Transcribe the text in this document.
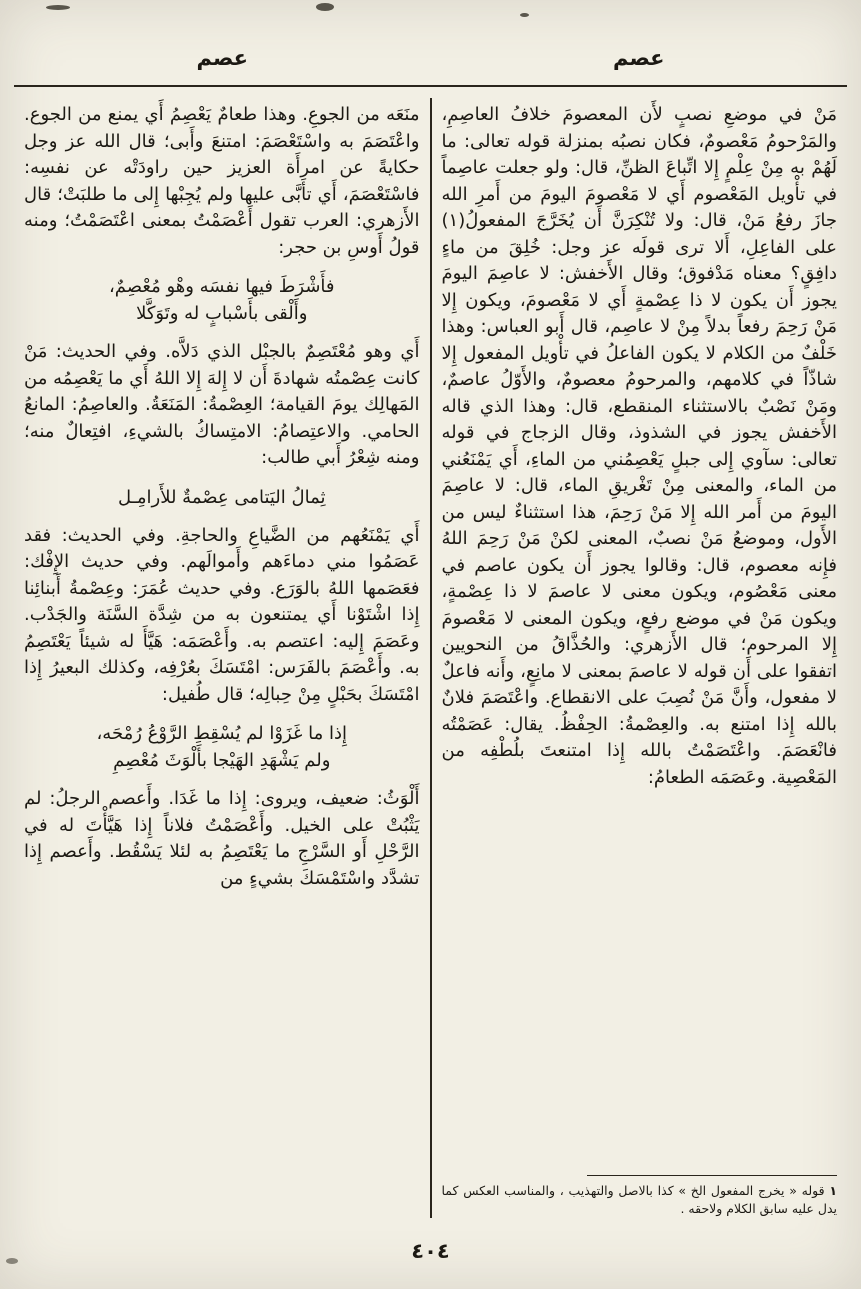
عصم
عصم

مَنْ في موضعِ نصبٍ لأَن المعصومَ خلافُ العاصِمِ، والمَرْحومُ مَعْصومٌ، فكان نصبُه بمنزلة قوله تعالى: ما لَهُمْ به مِنْ عِلْمٍ إِلا اتِّباعَ الظنِّ، قال: ولو جعلت عاصِماً في تأْويل المَعْصوم أَي لا مَعْصومَ اليومَ من أَمرِ الله جازَ رفعُ مَنْ، قال: ولا تُنْكِرَنَّ أَن يُخَرَّجَ المفعولُ(١) على الفاعِلِ، أَلا ترى قولَه عز وجل: خُلِقَ من ماءٍ دافِقٍ؟ معناه مَدْفوق؛ وقال الأَخفش: لا عاصِمَ اليومَ يجوز أَن يكون لا ذا عِصْمةٍ أَي لا مَعْصومَ، ويكون إِلا مَنْ رَحِمَ رفعاً بدلاً مِنْ لا عاصِم، قال أَبو العباس: وهذا خَلْفٌ من الكلام لا يكون الفاعلُ في تأْويل المفعول إِلا شاذّاً في كلامهم، والمرحومُ معصومٌ، والأَوّلُ عاصمٌ، ومَنْ نَصْبٌ بالاستثناء المنقطع، قال: وهذا الذي قاله الأَخفش يجوز في الشذوذ، وقال الزجاج في قوله تعالى: سآوي إِلى جبلٍ يَعْصِمُني من الماءِ، أَي يَمْنَعُني من الماء، والمعنى مِنْ تَغْريقِ الماء، قال: لا عاصِمَ اليومَ من أَمر الله إِلا مَنْ رَحِمَ، هذا استثناءٌ ليس من الأَول، وموضعُ مَنْ نصبٌ، المعنى لكنْ مَنْ رَحِمَ اللهُ فإِنه معصوم، قال: وقالوا يجوز أَن يكون عاصم في معنى مَعْصُوم، ويكون معنى لا عاصمَ لا ذا عِصْمةٍ، ويكون مَنْ في موضع رفعٍ، ويكون المعنى لا مَعْصومَ إِلا المرحوم؛ قال الأَزهري: والحُذَّاقُ من النحويين اتفقوا على أَن قوله لا عاصمَ بمعنى لا مانِعٍ، وأَنه فاعلٌ لا مفعول، وأَنَّ مَنْ نُصِبَ على الانقطاع. واعْتَصَمَ فلانٌ بالله إِذا امتنع به. والعِصْمةُ: الحِفْظُ. يقال: عَصَمْتُه فانْعَصَمَ. واعْتَصَمْتُ بالله إِذا امتنعتَ بلُطْفِه من المَعْصِية. وعَصَمَه الطعامُ:

١ قوله « يخرج المفعول الخ » كذا بالاصل والتهذيب ، والمناسب العكس كما يدل عليه سابق الكلام ولاحقه .

منَعَه من الجوعِ. وهذا طعامٌ يَعْصِمُ أَي يمنع من الجوع. واعْتَصَمَ به واسْتَعْصَمَ: امتنعَ وأَبى؛ قال الله عز وجل حكايةً عن امرأَة العزيز حين راودَتْه عن نفسِه: فاسْتَعْصَمَ، أَي تأَبَّى عليها ولم يُجِبْها إِلى ما طلبَتْ؛ قال الأَزهري: العرب تقول أَعْصَمْتُ بمعنى اعْتَصَمْتُ؛ ومنه قولُ أَوسِ بن حجر:

فأَشْرَطَ فيها نفسَه وهْو مُعْصِمٌ،
وأَلْقى بأَسْبابٍ له وتَوَكَّلا

أَي وهو مُعْتَصِمٌ بالجبْل الذي دَلاَّه. وفي الحديث: مَنْ كانت عِصْمتُه شهادةَ أَن لا إِلهَ إِلا اللهُ أَي ما يَعْصِمُه من المَهالِك يومَ القيامة؛ العِصْمةُ: المَنَعَةُ. والعاصِمُ: المانعُ الحامي. والاعتِصامُ: الامتِساكُ بالشيءِ، افتِعالٌ منه؛ ومنه شِعْرُ أَبي طالب:

ثِمالُ اليَتامى عِصْمةٌ للأَرامِـل

أَي يَمْنَعُهم من الضَّياعِ والحاجةِ. وفي الحديث: فقد عَصَمُوا مني دماءَهم وأَموالَهم. وفي حديث الإِفْك: فعَصَمها اللهُ بالوَرَع. وفي حديث عُمَرَ: وعِصْمةُ أَبنائِنا إِذا اشْتَوْنا أَي يمتنعون به من شِدَّة السَّنَة والجَدْب. وعَصَمَ إِليه: اعتصم به. وأَعْصَمَه: هَيَّأَ له شيئاً يَعْتَصِمُ به. وأَعْصَمَ بالفَرَس: امْتَسَكَ بعُرْفِه، وكذلك البعيرُ إِذا امْتَسَكَ بحَبْلٍ مِنْ حِبالِه؛ قال طُفيل:

إِذا ما غَزَوْا لم يُسْقِطِ الرَّوْعُ رُمْحَه،
ولم يَشْهَدِ الهَيْجا بأَلْوَثَ مُعْصِمِ

أَلْوَثُ: ضعيف، ويروى: إِذا ما غَدَا. وأَعصم الرجلُ: لم يَثْبُتْ على الخيل. وأَعْصَمْتُ فلاناً إِذا هَيَّأْتَ له في الرَّحْلِ أَو السَّرْجِ ما يَعْتَصِمُ به لئلا يَسْقُط. وأَعصم إِذا تشدَّد واسْتَمْسَكَ بشيءٍ من

٤٠٤
